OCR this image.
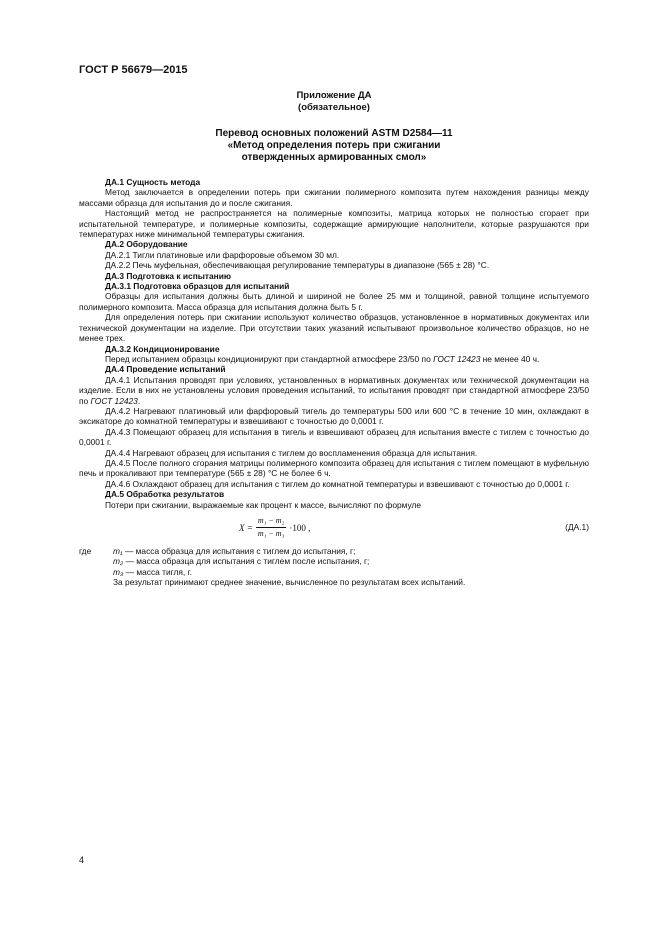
ГОСТ Р 56679—2015
Приложение ДА
(обязательное)
Перевод основных положений ASTM D2584—11
«Метод определения потерь при сжигании
отвержденных армированных смол»

ДА.1 Сущность метода

Метод заключается в определении потерь при сжигании полимерного композита путем нахождения разницы между массами образца для испытания до и после сжигания.

Настоящий метод не распространяется на полимерные композиты, матрица которых не полностью сгорает при испытательной температуре, и полимерные композиты, содержащие армирующие наполнители, которые разрушаются при температурах ниже минимальной температуры сжигания.

ДА.2 Оборудование

ДА.2.1 Тигли платиновые или фарфоровые объемом 30 мл.

ДА.2.2 Печь муфельная, обеспечивающая регулирование температуры в диапазоне (565 ± 28) °С.

ДА.3 Подготовка к испытанию

ДА.3.1 Подготовка образцов для испытаний

Образцы для испытания должны быть длиной и шириной не более 25 мм и толщиной, равной толщине испытуемого полимерного композита. Масса образца для испытания должна быть 5 г.

Для определения потерь при сжигании используют количество образцов, установленное в нормативных документах или технической документации на изделие. При отсутствии таких указаний испытывают произвольное количество образцов, но не менее трех.

ДА.3.2 Кондиционирование

Перед испытанием образцы кондиционируют при стандартной атмосфере 23/50 по ГОСТ 12423 не менее 40 ч.

ДА.4 Проведение испытаний

ДА.4.1 Испытания проводят при условиях, установленных в нормативных документах или технической документации на изделие. Если в них не установлены условия проведения испытаний, то испытания проводят при стандартной атмосфере 23/50 по ГОСТ 12423.

ДА.4.2 Нагревают платиновый или фарфоровый тигель до температуры 500 или 600 °С в течение 10 мин, охлаждают в эксикаторе до комнатной температуры и взвешивают с точностью до 0,0001 г.

ДА.4.3 Помещают образец для испытания в тигель и взвешивают образец для испытания вместе с тиглем с точностью до 0,0001 г.

ДА.4.4 Нагревают образец для испытания с тиглем до воспламенения образца для испытания.

ДА.4.5 После полного сгорания матрицы полимерного композита образец для испытания с тиглем помещают в муфельную печь и прокаливают при температуре (565 ± 28) °С не более 6 ч.

ДА.4.6 Охлаждают образец для испытания с тиглем до комнатной температуры и взвешивают с точностью до 0,0001 г.

ДА.5 Обработка результатов

Потери при сжигании, выражаемые как процент к массе, вычисляют по формуле

$X = \frac{\text{m₁ − m₂}}{\text{m₁ − m₃}} \cdot 100$ ,	(ДА.1)
где	m₁ — масса образца для испытания с тиглем до испытания, г;
m₂ — масса образца для испытания с тиглем после испытания, г;
m₃ — масса тигля, г.
За результат принимают среднее значение, вычисленное по результатам всех испытаний.
4
